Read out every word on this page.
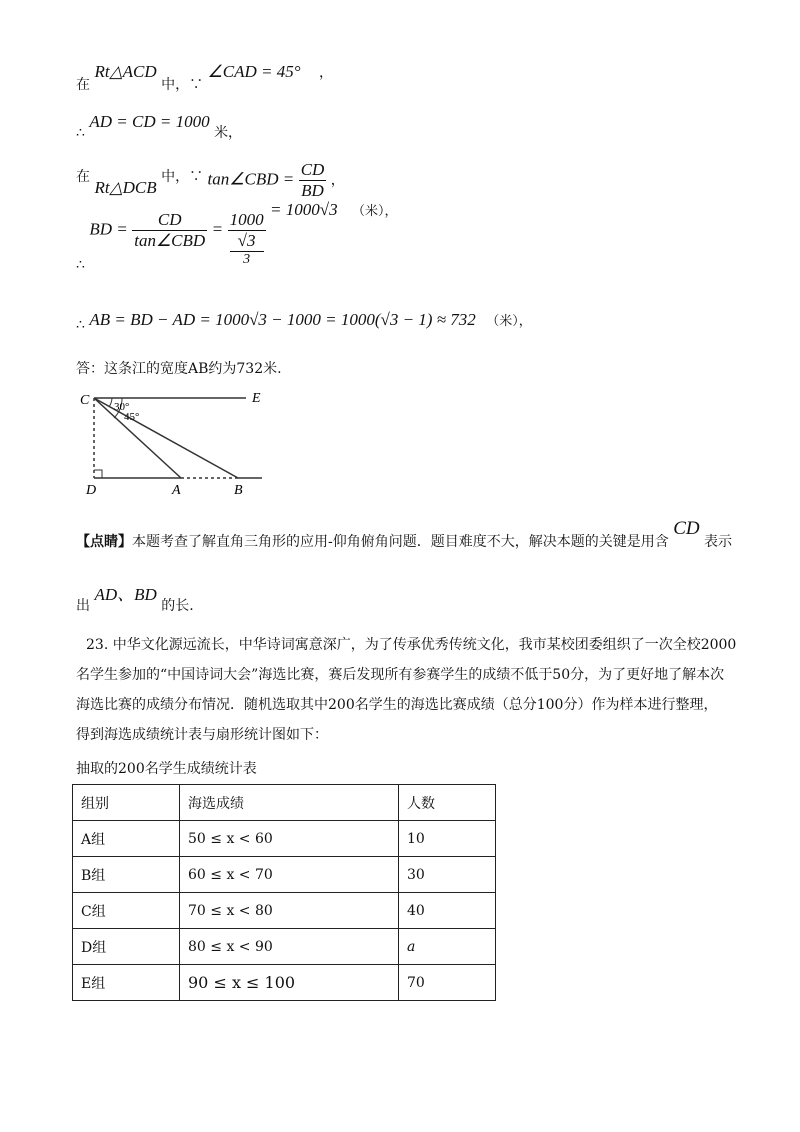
在 Rt△ACD 中，∵ ∠CAD = 45° ，
∴ AD = CD = 1000 米，
在 Rt△DCB 中，∵ tan∠CBD = $\frac{CD}{BD}$ ，
∴ BD = $\frac{CD}{\text{tan∠CBD}} = 1000$
√3
3
= 1000√3 （米），
∴ AB = BD − AD = 1000√3 − 1000 = 1000(√3 − 1) ≈ 732 （米），
答：这条江的宽度AB约为732米.
C	E
D	A	B
30°
45°
【点睛】本题考查了解直角三角形的应用-仰角俯角问题．题目难度不大，解决本题的关键是用含 CD 表示
出 AD、BD 的长.
23. 中华文化源远流长，中华诗词寓意深广，为了传承优秀传统文化，我市某校团委组织了一次全校2000
名学生参加的“中国诗词大会”海选比赛，赛后发现所有参赛学生的成绩不低于50分，为了更好地了解本次
海选比赛的成绩分布情况．随机选取其中200名学生的海选比赛成绩（总分100分）作为样本进行整理，
得到海选成绩统计表与扇形统计图如下：
抽取的200名学生成绩统计表
组别	海选成绩	人数
A组	50 ≤ x < 60	10
B组	60 ≤ x < 70	30
C组	70 ≤ x < 80	40
D组	80 ≤ x < 90	a
E组	90 ≤ x ≤ 100	70
